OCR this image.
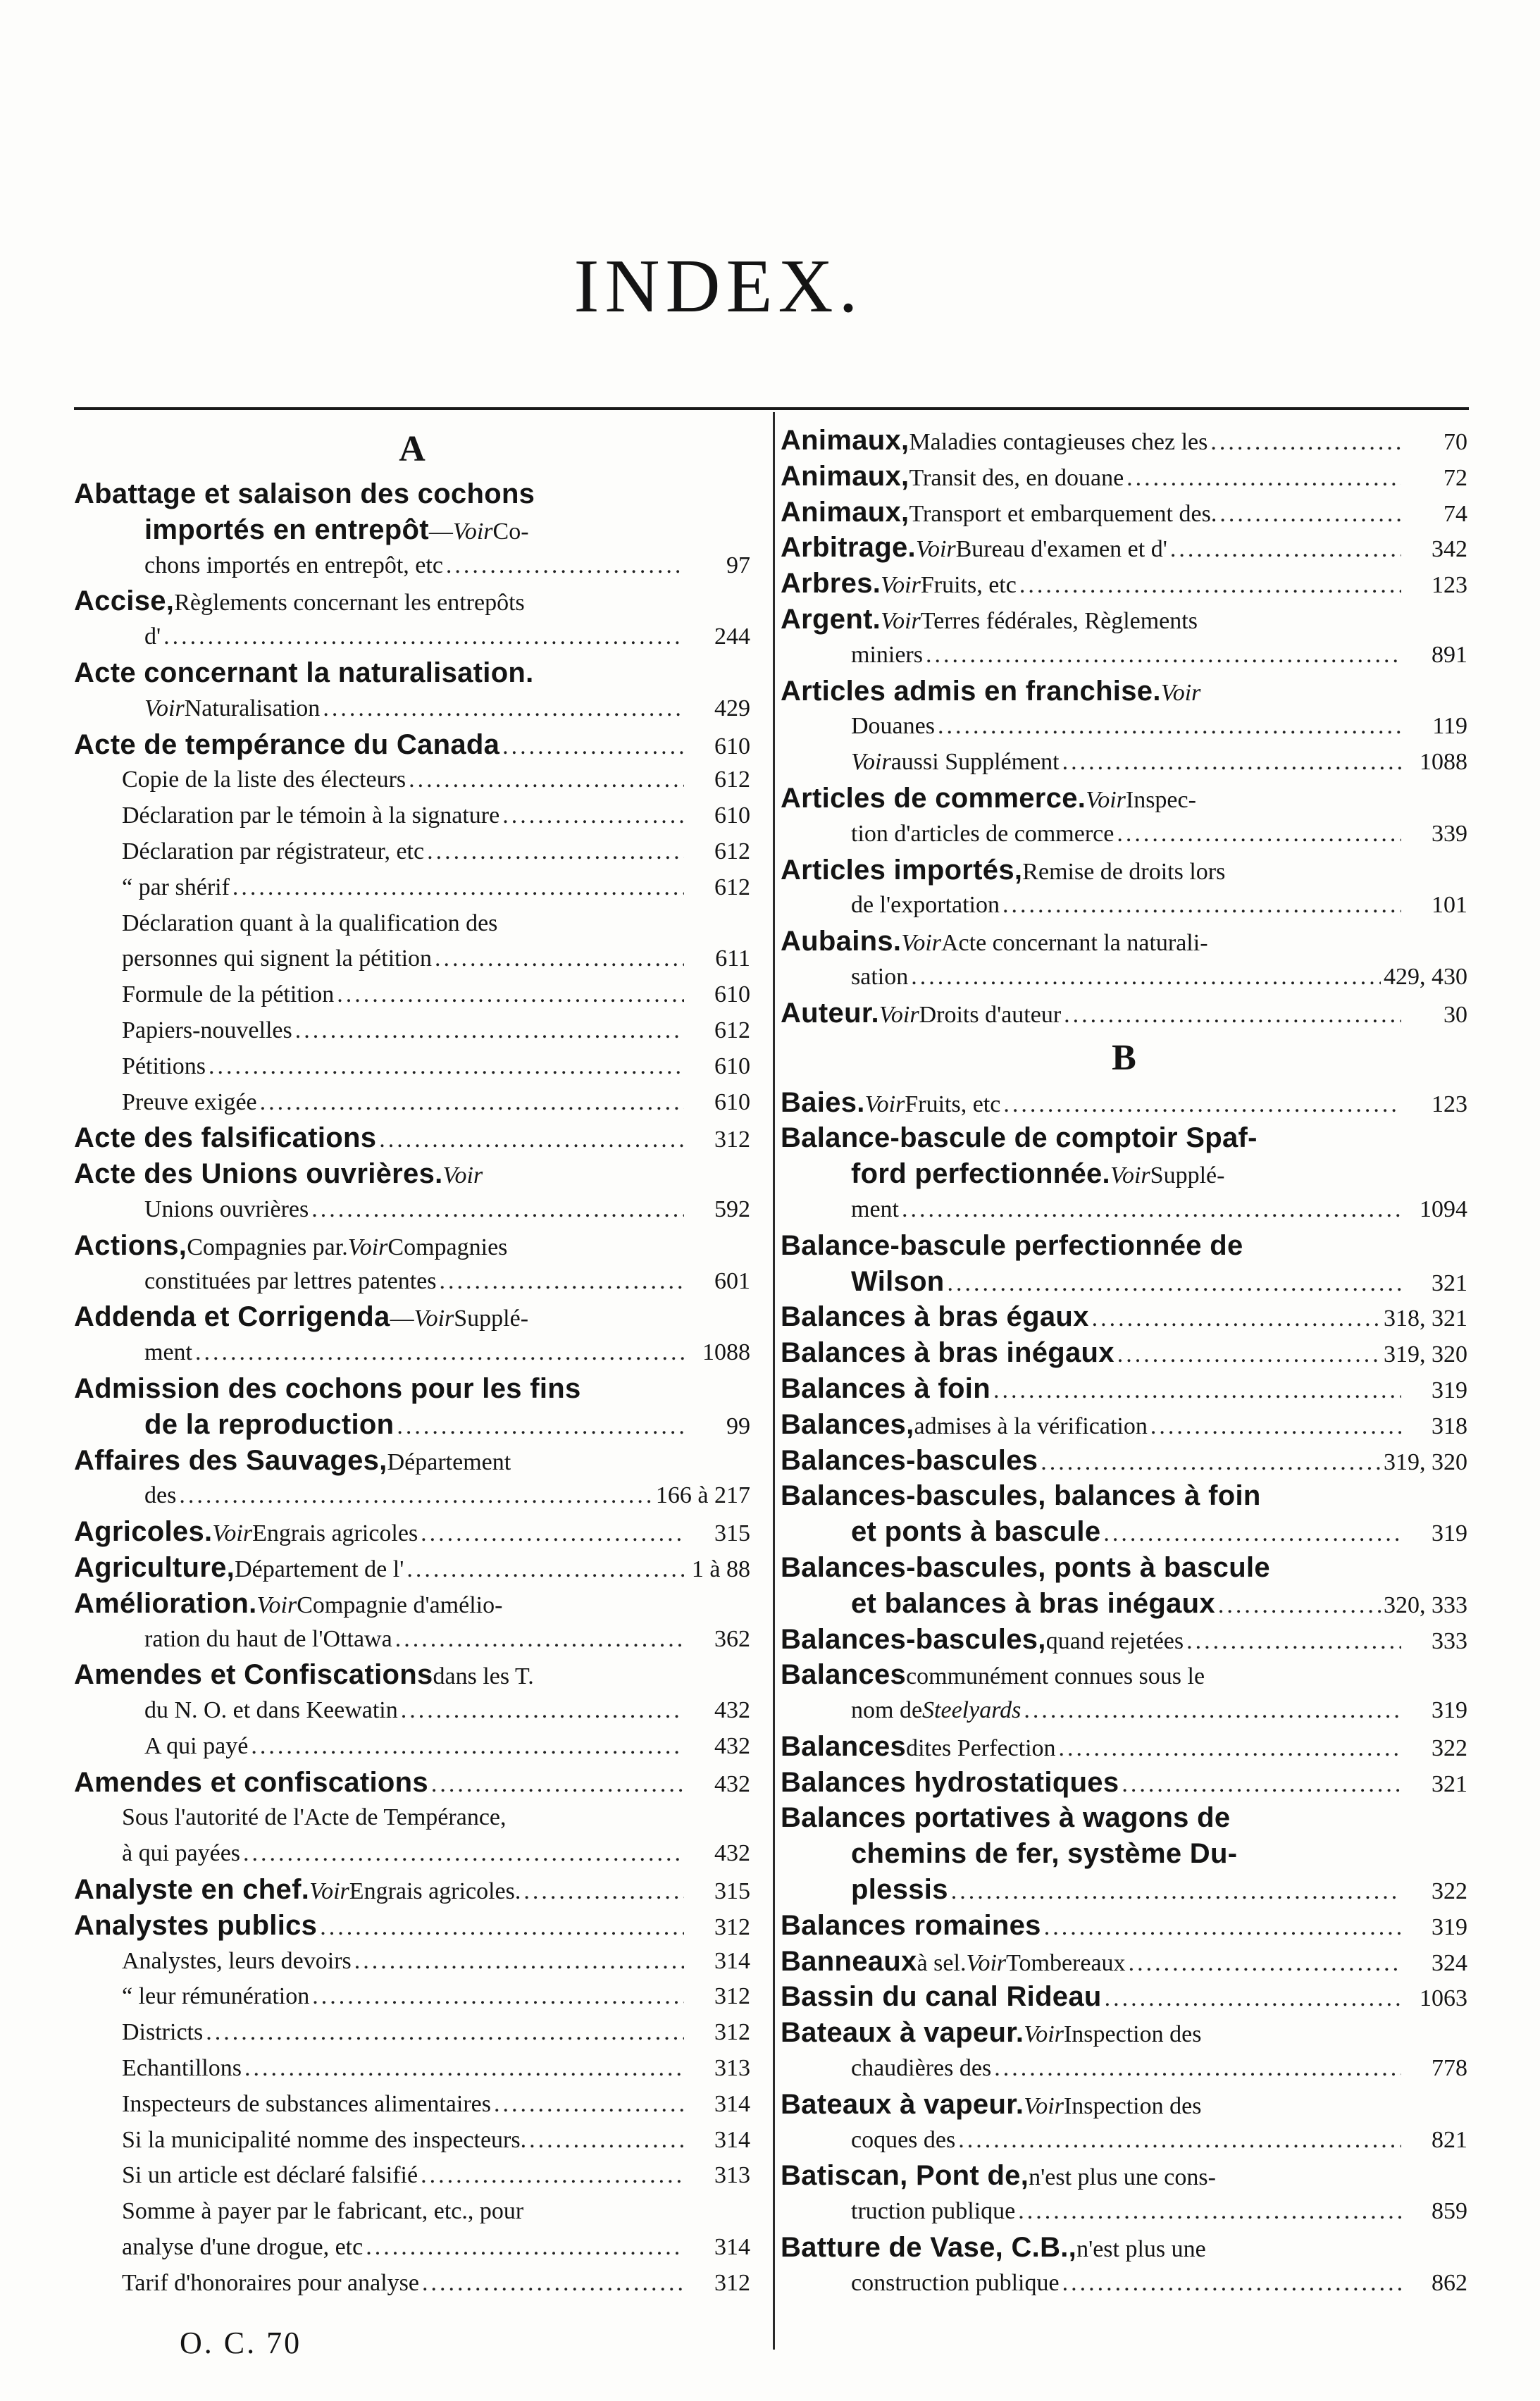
INDEX.
A
Abattage et salaison des cochons
importés en entrepôt — Voir Co-
chons importés en entrepôt, etc .....	97
Accise, Règlements concernant les entrepôts
d' .....	244
Acte concernant la naturalisation.
Voir Naturalisation .....	429
Acte de tempérance du Canada .....	610
Copie de la liste des électeurs .....	612
Déclaration par le témoin à la signature .....	610
Déclaration par régistrateur, etc .....	612
“ par shérif .....	612
Déclaration quant à la qualification des
personnes qui signent la pétition .....	611
Formule de la pétition .....	610
Papiers-nouvelles .....	612
Pétitions .....	610
Preuve exigée .....	610
Acte des falsifications .....	312
Acte des Unions ouvrières. Voir
Unions ouvrières .....	592
Actions, Compagnies par. Voir Compagnies
constituées par lettres patentes .....	601
Addenda et Corrigenda — Voir Supplé-
ment .....	1088
Admission des cochons pour les fins
de la reproduction .....	99
Affaires des Sauvages, Département
des .....	166 à 217
Agricoles. Voir Engrais agricoles .....	315
Agriculture, Département de l' .....	1 à 88
Amélioration. Voir Compagnie d'amélio-
ration du haut de l'Ottawa .....	362
Amendes et Confiscations dans les T.
du N. O. et dans Keewatin .....	432
A qui payé .....	432
Amendes et confiscations .....	432
Sous l'autorité de l'Acte de Tempérance,
à qui payées .....	432
Analyste en chef. Voir Engrais agricoles. .....	315
Analystes publics .....	312
Analystes, leurs devoirs .....	314
“ leur rémunération .....	312
Districts .....	312
Echantillons .....	313
Inspecteurs de substances alimentaires .....	314
Si la municipalité nomme des inspecteurs. .....	314
Si un article est déclaré falsifié .....	313
Somme à payer par le fabricant, etc., pour
analyse d'une drogue, etc .....	314
Tarif d'honoraires pour analyse .....	312
Animaux, Maladies contagieuses chez les .....	70
Animaux, Transit des, en douane .....	72
Animaux, Transport et embarquement des. .....	74
Arbitrage. Voir Bureau d'examen et d' .....	342
Arbres. Voir Fruits, etc .....	123
Argent. Voir Terres fédérales, Règlements
miniers .....	891
Articles admis en franchise. Voir
Douanes .....	119
Voir aussi Supplément .....	1088
Articles de commerce. Voir Inspec-
tion d'articles de commerce .....	339
Articles importés, Remise de droits lors
de l'exportation .....	101
Aubains. Voir Acte concernant la naturali-
sation .....	429, 430
Auteur. Voir Droits d'auteur .....	30
B
Baies. Voir Fruits, etc .....	123
Balance-bascule de comptoir Spaf-
ford perfectionnée. Voir Supplé-
ment .....	1094
Balance-bascule perfectionnée de
Wilson .....	321
Balances à bras égaux .....	318, 321
Balances à bras inégaux .....	319, 320
Balances à foin .....	319
Balances, admises à la vérification .....	318
Balances-bascules .....	319, 320
Balances-bascules, balances à foin
et ponts à bascule .....	319
Balances-bascules, ponts à bascule
et balances à bras inégaux .....	320, 333
Balances-bascules, quand rejetées .....	333
Balances communément connues sous le
nom de Steelyards .....	319
Balances dites Perfection .....	322
Balances hydrostatiques .....	321
Balances portatives à wagons de
chemins de fer, système Du-
plessis .....	322
Balances romaines .....	319
Banneaux à sel. Voir Tombereaux .....	324
Bassin du canal Rideau .....	1063
Bateaux à vapeur. Voir Inspection des
chaudières des .....	778
Bateaux à vapeur. Voir Inspection des
coques des .....	821
Batiscan, Pont de, n'est plus une cons-
truction publique .....	859
Batture de Vase, C.B., n'est plus une
construction publique .....	862
O. C. 70
